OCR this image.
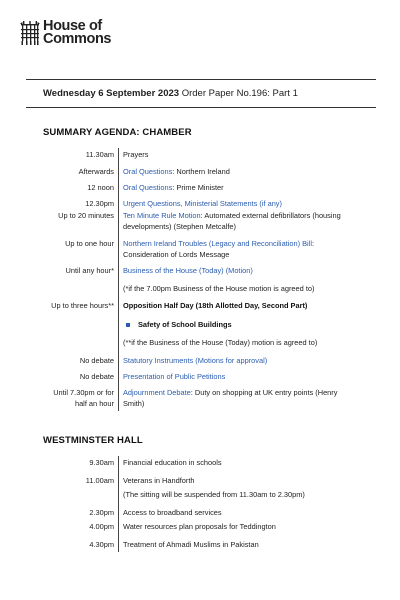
House of
Commons
Wednesday 6 September 2023 Order Paper No.196: Part 1
SUMMARY AGENDA: CHAMBER
11.30am Prayers
Afterwards Oral Questions: Northern Ireland
12 noon Oral Questions: Prime Minister
12.30pm Urgent Questions, Ministerial Statements (if any)
Up to 20 minutes Ten Minute Rule Motion: Automated external defibrillators (housing developments) (Stephen Metcalfe)
Up to one hour Northern Ireland Troubles (Legacy and Reconciliation) Bill: Consideration of Lords Message
Until any hour* Business of the House (Today) (Motion)
(*if the 7.00pm Business of the House motion is agreed to)
Up to three hours** Opposition Half Day (18th Allotted Day, Second Part)
Safety of School Buildings
(**if the Business of the House (Today) motion is agreed to)
No debate Statutory Instruments (Motions for approval)
No debate Presentation of Public Petitions
Until 7.30pm or for half an hour
Adjournment Debate: Duty on shopping at UK entry points (Henry Smith)
WESTMINSTER HALL
9.30am Financial education in schools
11.00am Veterans in Handforth
(The sitting will be suspended from 11.30am to 2.30pm)
2.30pm Access to broadband services
4.00pm Water resources plan proposals for Teddington
4.30pm Treatment of Ahmadi Muslims in Pakistan
